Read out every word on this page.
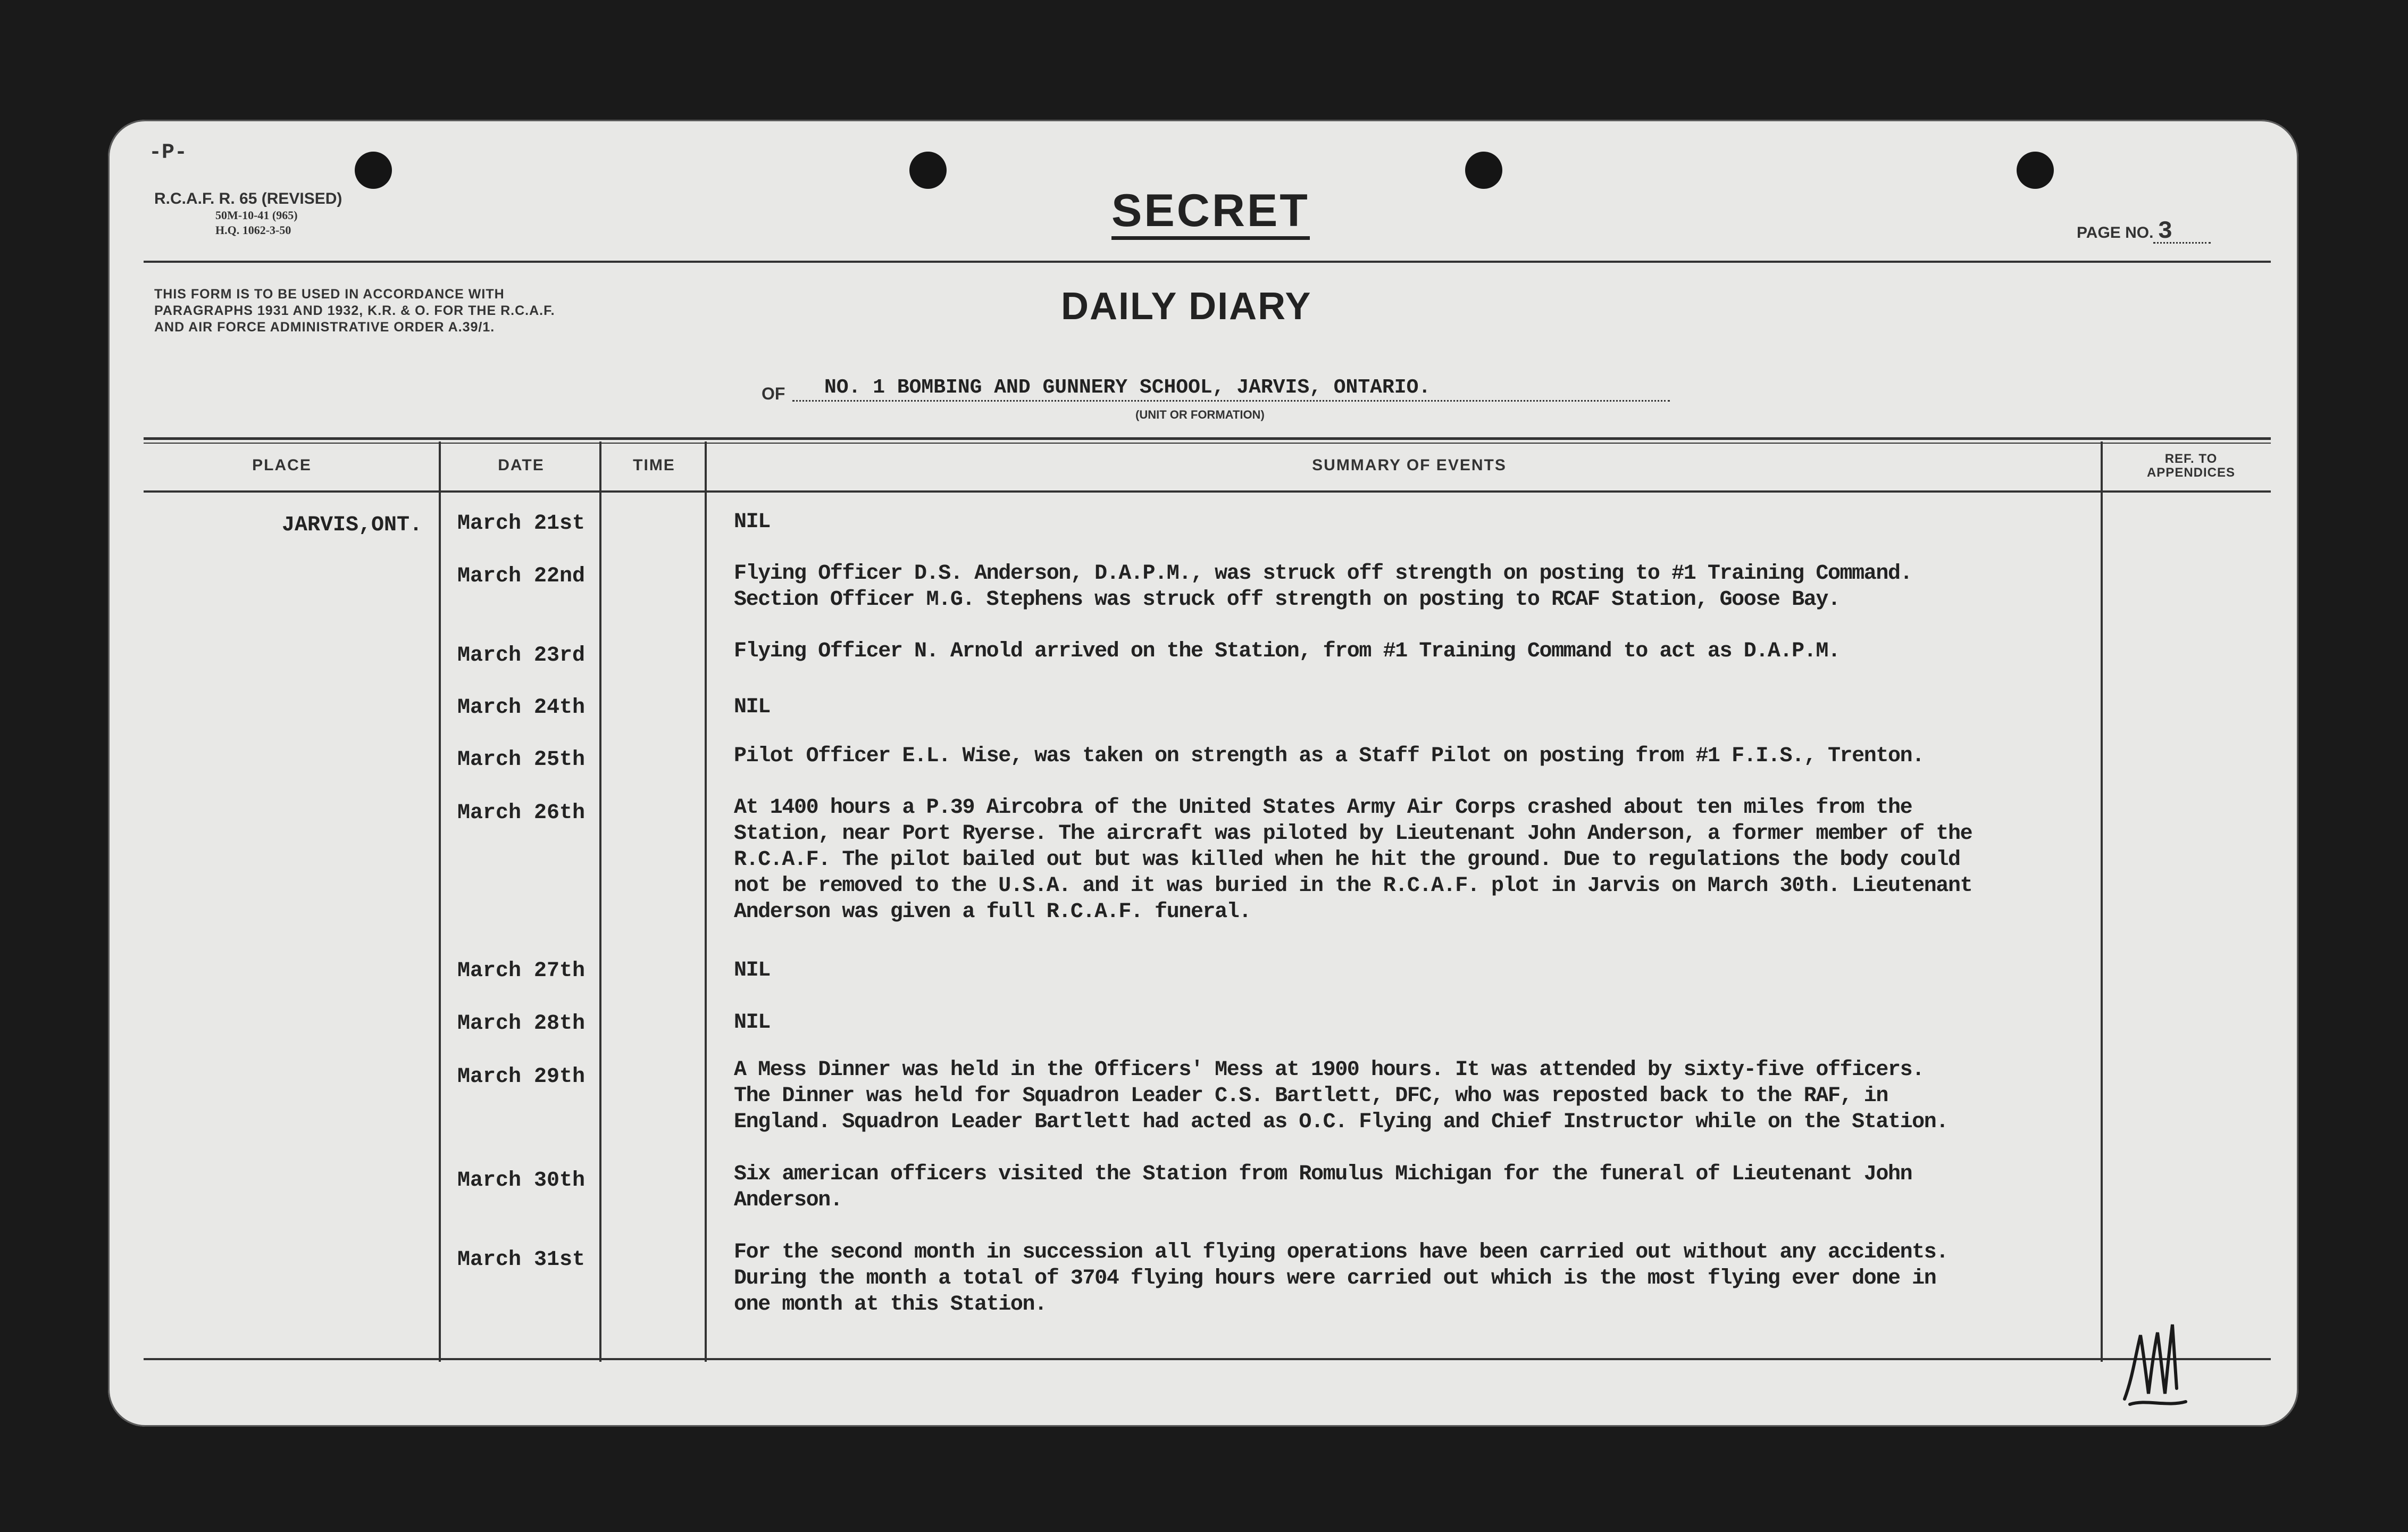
-P-
R.C.A.F. R. 65 (REVISED)
50M-10-41 (965)
H.Q. 1062-3-50	SECRET	PAGE NO. 3
THIS FORM IS TO BE USED IN ACCORDANCE WITH PARAGRAPHS 1931 AND 1932, K.R. & O. FOR THE R.C.A.F. AND AIR FORCE ADMINISTRATIVE ORDER A.39/1.	DAILY DIARY
OF	NO. 1 BOMBING AND GUNNERY SCHOOL, JARVIS, ONTARIO.
(UNIT OR FORMATION)
PLACE	DATE	TIME	SUMMARY OF EVENTS	REF. TO APPENDICES
JARVIS,ONT. March 21st	NIL
March 22nd	Flying Officer D.S. Anderson, D.A.P.M., was struck off strength on posting to #1 Training Command.
Section Officer M.G. Stephens was struck off strength on posting to RCAF Station, Goose Bay.
March 23rd	Flying Officer N. Arnold arrived on the Station, from #1 Training Command to act as D.A.P.M.
March 24th	NIL
March 25th	Pilot Officer E.L. Wise, was taken on strength as a Staff Pilot on posting from #1 F.I.S., Trenton.
March 26th	At 1400 hours a P.39 Aircobra of the United States Army Air Corps crashed about ten miles from the
Station, near Port Ryerse. The aircraft was piloted by Lieutenant John Anderson, a former member of the
R.C.A.F. The pilot bailed out but was killed when he hit the ground. Due to regulations the body could
not be removed to the U.S.A. and it was buried in the R.C.A.F. plot in Jarvis on March 30th. Lieutenant
Anderson was given a full R.C.A.F. funeral.
March 27th	NIL
March 28th	NIL
March 29th	A Mess Dinner was held in the Officers' Mess at 1900 hours. It was attended by sixty-five officers.
The Dinner was held for Squadron Leader C.S. Bartlett, DFC, who was reposted back to the RAF, in
England. Squadron Leader Bartlett had acted as O.C. Flying and Chief Instructor while on the Station.
March 30th	Six american officers visited the Station from Romulus Michigan for the funeral of Lieutenant John
Anderson.
March 31st	For the second month in succession all flying operations have been carried out without any accidents.
During the month a total of 3704 flying hours were carried out which is the most flying ever done in
one month at this Station.
